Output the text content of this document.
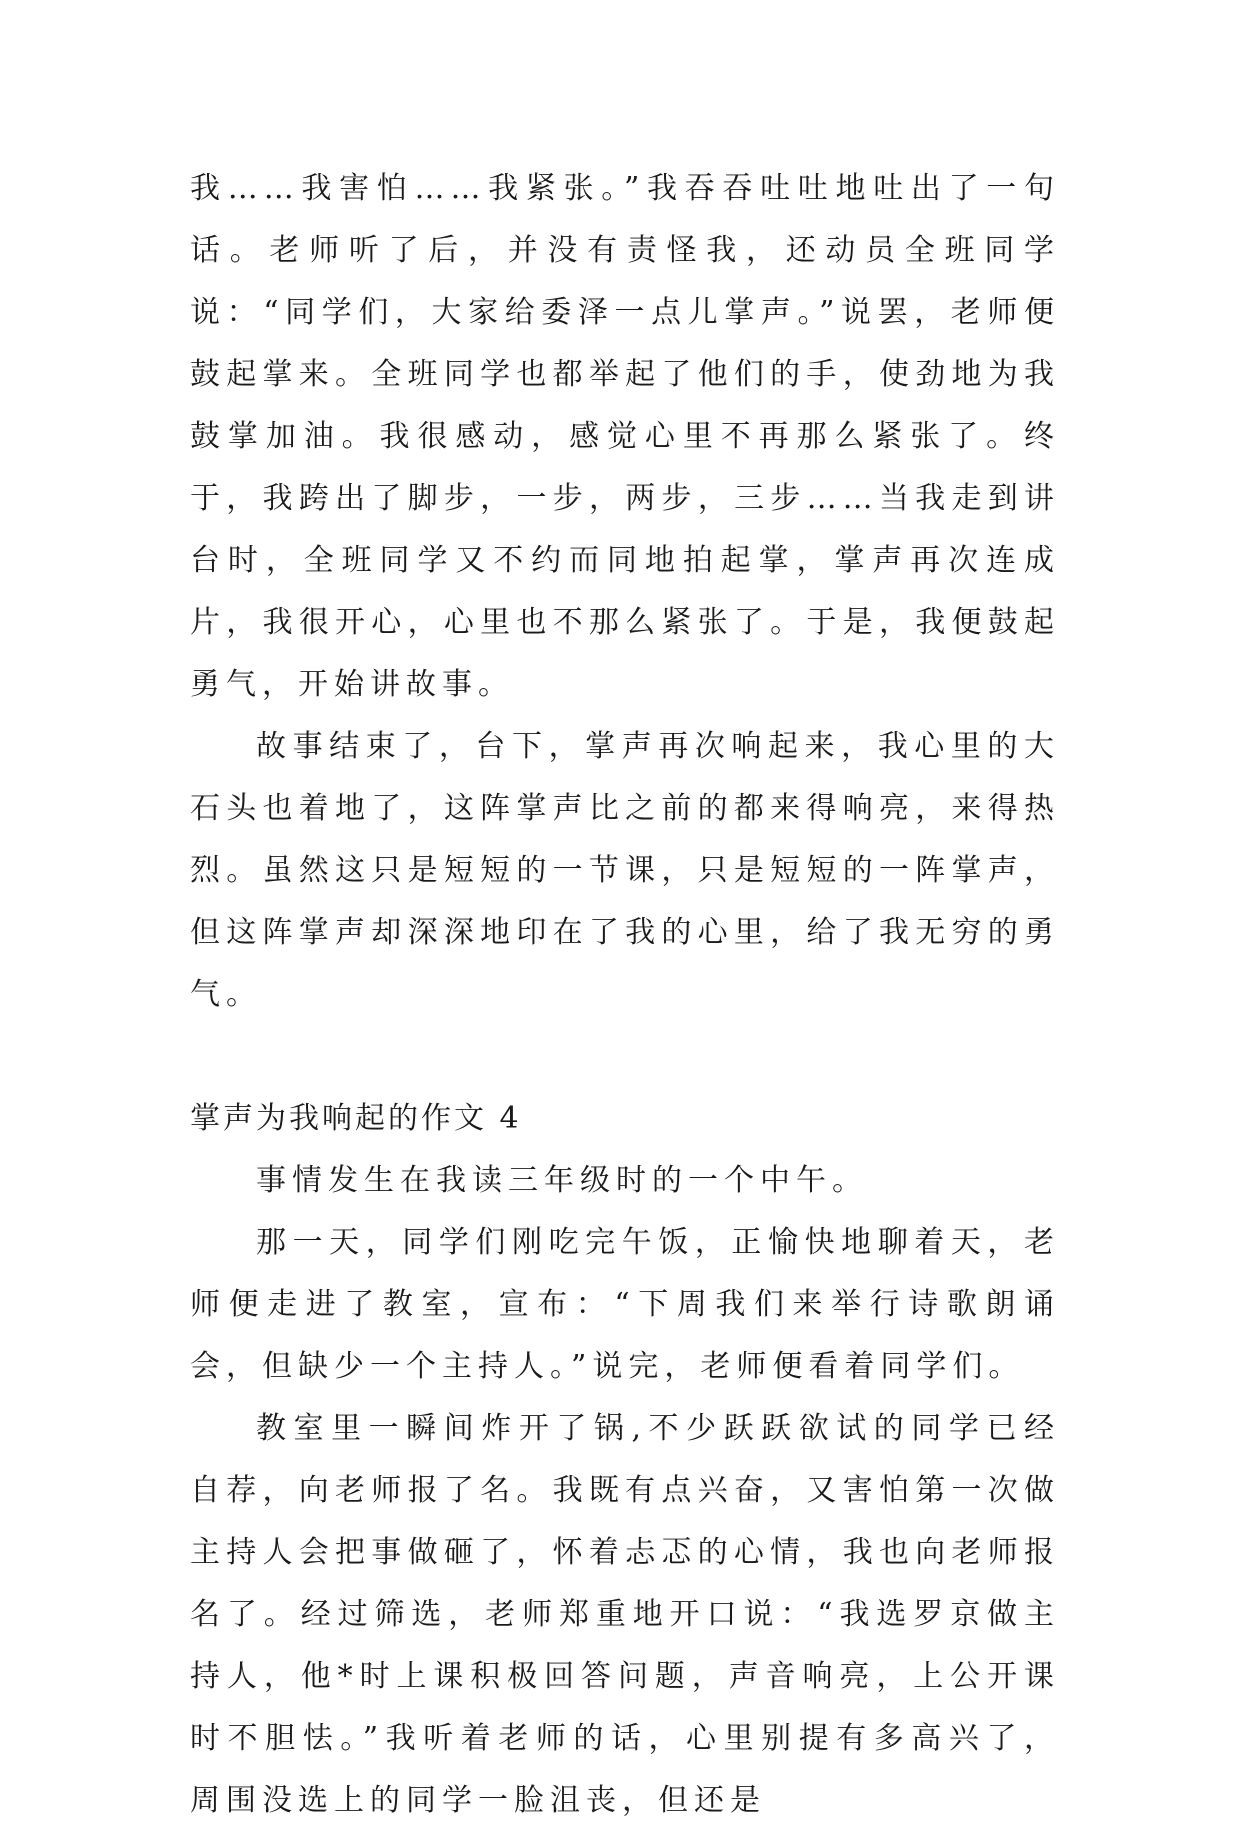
我……我害怕……我紧张。”我吞吞吐吐地吐出了一句话。老师听了后，并没有责怪我，还动员全班同学说：“同学们，大家给委泽一点儿掌声。”说罢，老师便鼓起掌来。全班同学也都举起了他们的手，使劲地为我鼓掌加油。我很感动，感觉心里不再那么紧张了。终于，我跨出了脚步，一步，两步，三步……当我走到讲台时，全班同学又不约而同地拍起掌，掌声再次连成片，我很开心，心里也不那么紧张了。于是，我便鼓起勇气，开始讲故事。

故事结束了，台下，掌声再次响起来，我心里的大石头也着地了，这阵掌声比之前的都来得响亮，来得热烈。虽然这只是短短的一节课，只是短短的一阵掌声，但这阵掌声却深深地印在了我的心里，给了我无穷的勇气。

掌声为我响起的作文 4

事情发生在我读三年级时的一个中午。

那一天，同学们刚吃完午饭，正愉快地聊着天，老师便走进了教室，宣布：“下周我们来举行诗歌朗诵会，但缺少一个主持人。”说完，老师便看着同学们。

教室里一瞬间炸开了锅,不少跃跃欲试的同学已经自荐，向老师报了名。我既有点兴奋，又害怕第一次做主持人会把事做砸了，怀着忐忑的心情，我也向老师报名了。经过筛选，老师郑重地开口说：“我选罗京做主持人，他*时上课积极回答问题，声音响亮，上公开课时不胆怯。”我听着老师的话，心里别提有多高兴了，周围没选上的同学一脸沮丧，但还是
